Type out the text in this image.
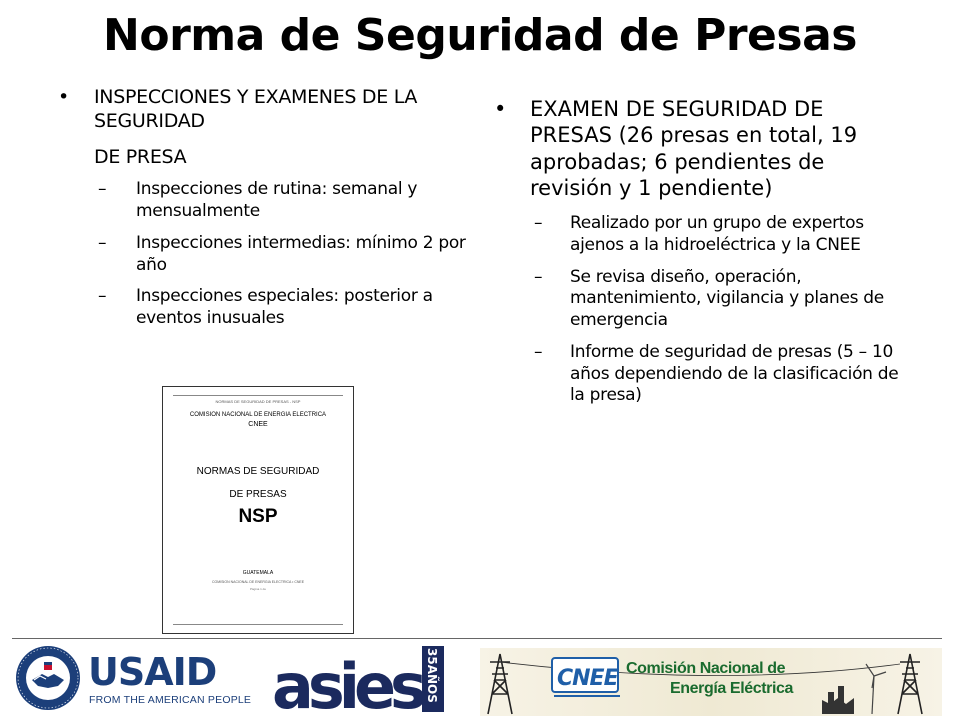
Norma de Seguridad de Presas
• INSPECCIONES Y EXAMENES DE LA SEGURIDAD
DE PRESA
– Inspecciones de rutina: semanal y mensualmente
– Inspecciones intermedias: mínimo 2 por año
– Inspecciones especiales: posterior a eventos inusuales
• EXAMEN DE SEGURIDAD DE PRESAS (26 presas en total, 19 aprobadas; 6 pendientes de revisión y 1 pendiente)
– Realizado por un grupo de expertos ajenos a la hidroeléctrica y la CNEE
– Se revisa diseño, operación, mantenimiento, vigilancia y planes de emergencia
– Informe de seguridad de presas (5 – 10 años dependiendo de la clasificación de la presa)
NORMAS DE SEGURIDAD DE PRESAS - NSP
COMISION NACIONAL DE ENERGIA ELECTRICA
CNEE
NORMAS DE SEGURIDAD
DE PRESAS
NSP
GUATEMALA
COMISION NACIONAL DE ENERGIA ELECTRICA • CNEE
Página 1 de
USAID
FROM THE AMERICAN PEOPLE asies 35AÑOS	CNEE Comisión Nacional de
Energía Eléctrica
